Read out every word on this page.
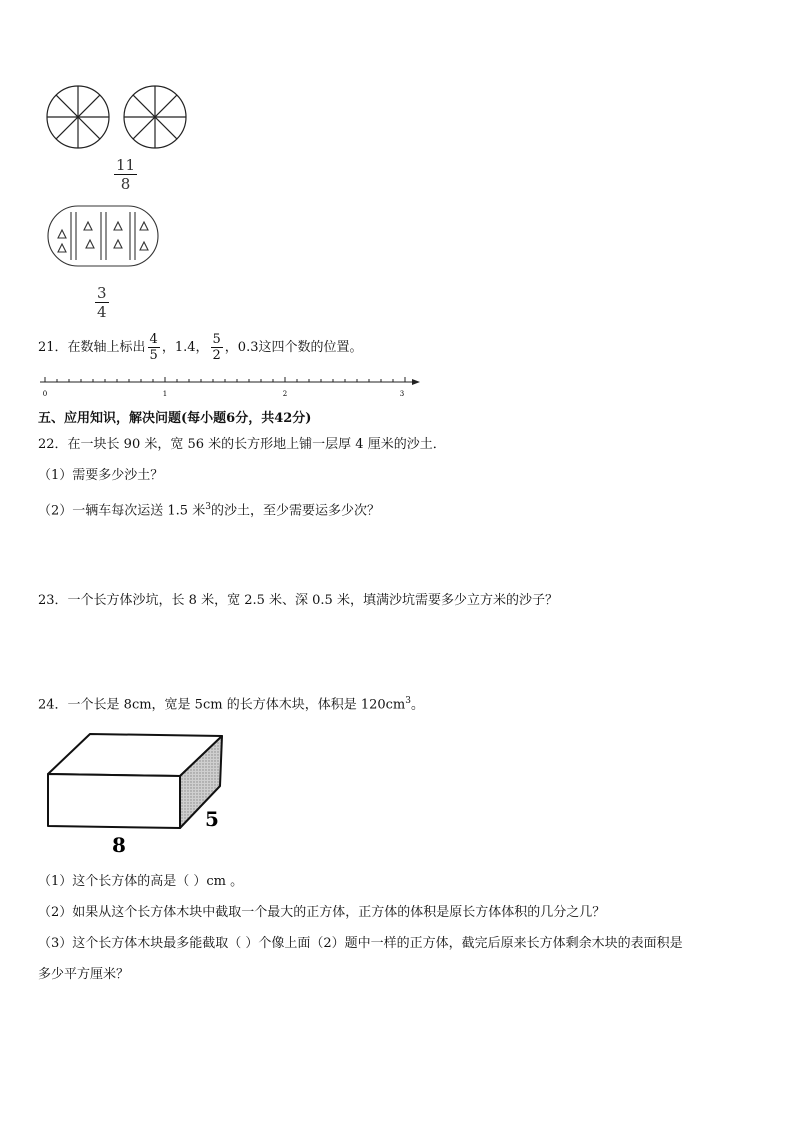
$\frac{11}{8}$
$\frac{3}{4}$
21．在数轴上标出 $\frac{4}{5}$ ，1.4， $\frac{5}{2}$ ，0.3这四个数的位置。
0	1	2	3
五、应用知识，解决问题(每小题6分，共42分)
22．在一块长 90 米，宽 56 米的长方形地上铺一层厚 4 厘米的沙土．
（1）需要多少沙土？
（2）一辆车每次运送 1.5 米$^3$的沙土，至少需要运多少次？
23．一个长方体沙坑，长 8 米，宽 2.5 米、深 0.5 米，填满沙坑需要多少立方米的沙子？
24．一个长是 8cm，宽是 5cm 的长方体木块，体积是 $120cm^3$。
8
5
（1）这个长方体的高是（ ）cm 。
（2）如果从这个长方体木块中截取一个最大的正方体，正方体的体积是原长方体体积的几分之几？
（3）这个长方体木块最多能截取（ ）个像上面（2）题中一样的正方体，截完后原来长方体剩余木块的表面积是
多少平方厘米？
